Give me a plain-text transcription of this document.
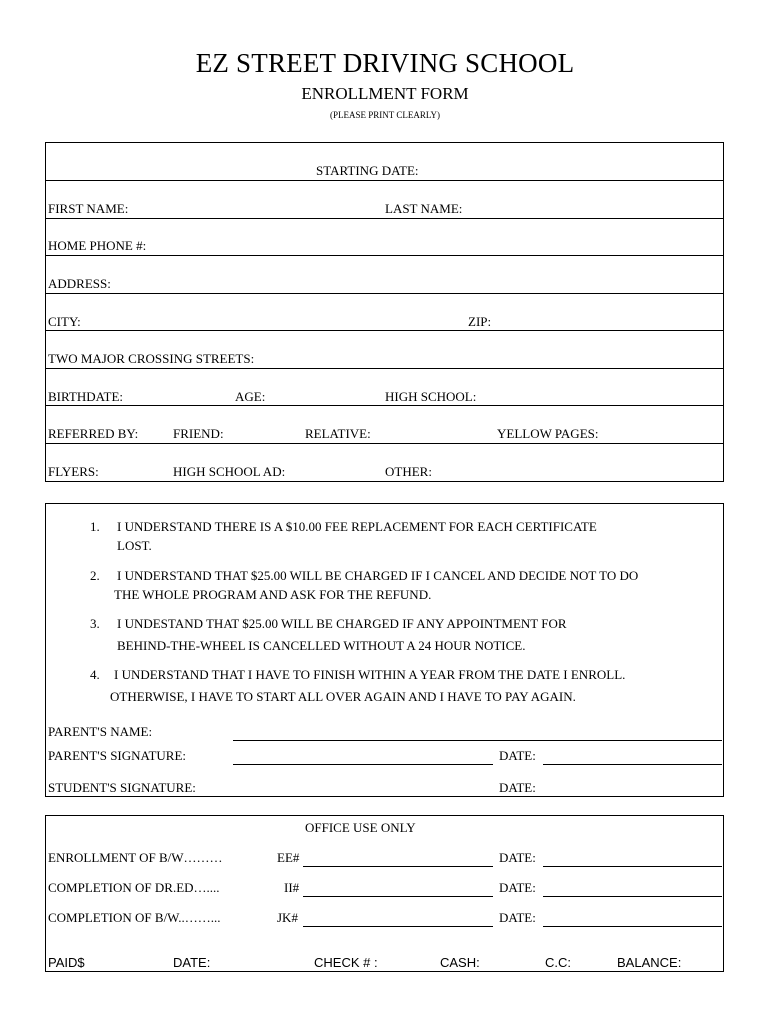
EZ STREET DRIVING SCHOOL
ENROLLMENT FORM
(PLEASE PRINT CLEARLY)
STARTING DATE:
FIRST NAME:	LAST NAME:
HOME PHONE #:
ADDRESS:
CITY:	ZIP:
TWO MAJOR CROSSING STREETS:
BIRTHDATE:	AGE:	HIGH SCHOOL:
REFERRED BY:	FRIEND:	RELATIVE:	YELLOW PAGES:
FLYERS:	HIGH SCHOOL AD:	OTHER:
1. I UNDERSTAND THERE IS A $10.00 FEE REPLACEMENT FOR EACH CERTIFICATE
LOST.
2. I UNDERSTAND THAT $25.00 WILL BE CHARGED IF I CANCEL AND DECIDE NOT TO DO
THE WHOLE PROGRAM AND ASK FOR THE REFUND.
3. I UNDESTAND THAT $25.00 WILL BE CHARGED IF ANY APPOINTMENT FOR
BEHIND-THE-WHEEL IS CANCELLED WITHOUT A 24 HOUR NOTICE.
4. I UNDERSTAND THAT I HAVE TO FINISH WITHIN A YEAR FROM THE DATE I ENROLL.
OTHERWISE, I HAVE TO START ALL OVER AGAIN AND I HAVE TO PAY AGAIN.
PARENT'S NAME:
PARENT'S SIGNATURE:	DATE:
STUDENT'S SIGNATURE:	DATE:
OFFICE USE ONLY
ENROLLMENT OF B/W………	EE#	DATE:
COMPLETION OF DR.ED…....	II#	DATE:
COMPLETION OF B/W..……...	JK#	DATE:
PAID$	DATE:	CHECK # :	CASH:	C.C:	BALANCE:
